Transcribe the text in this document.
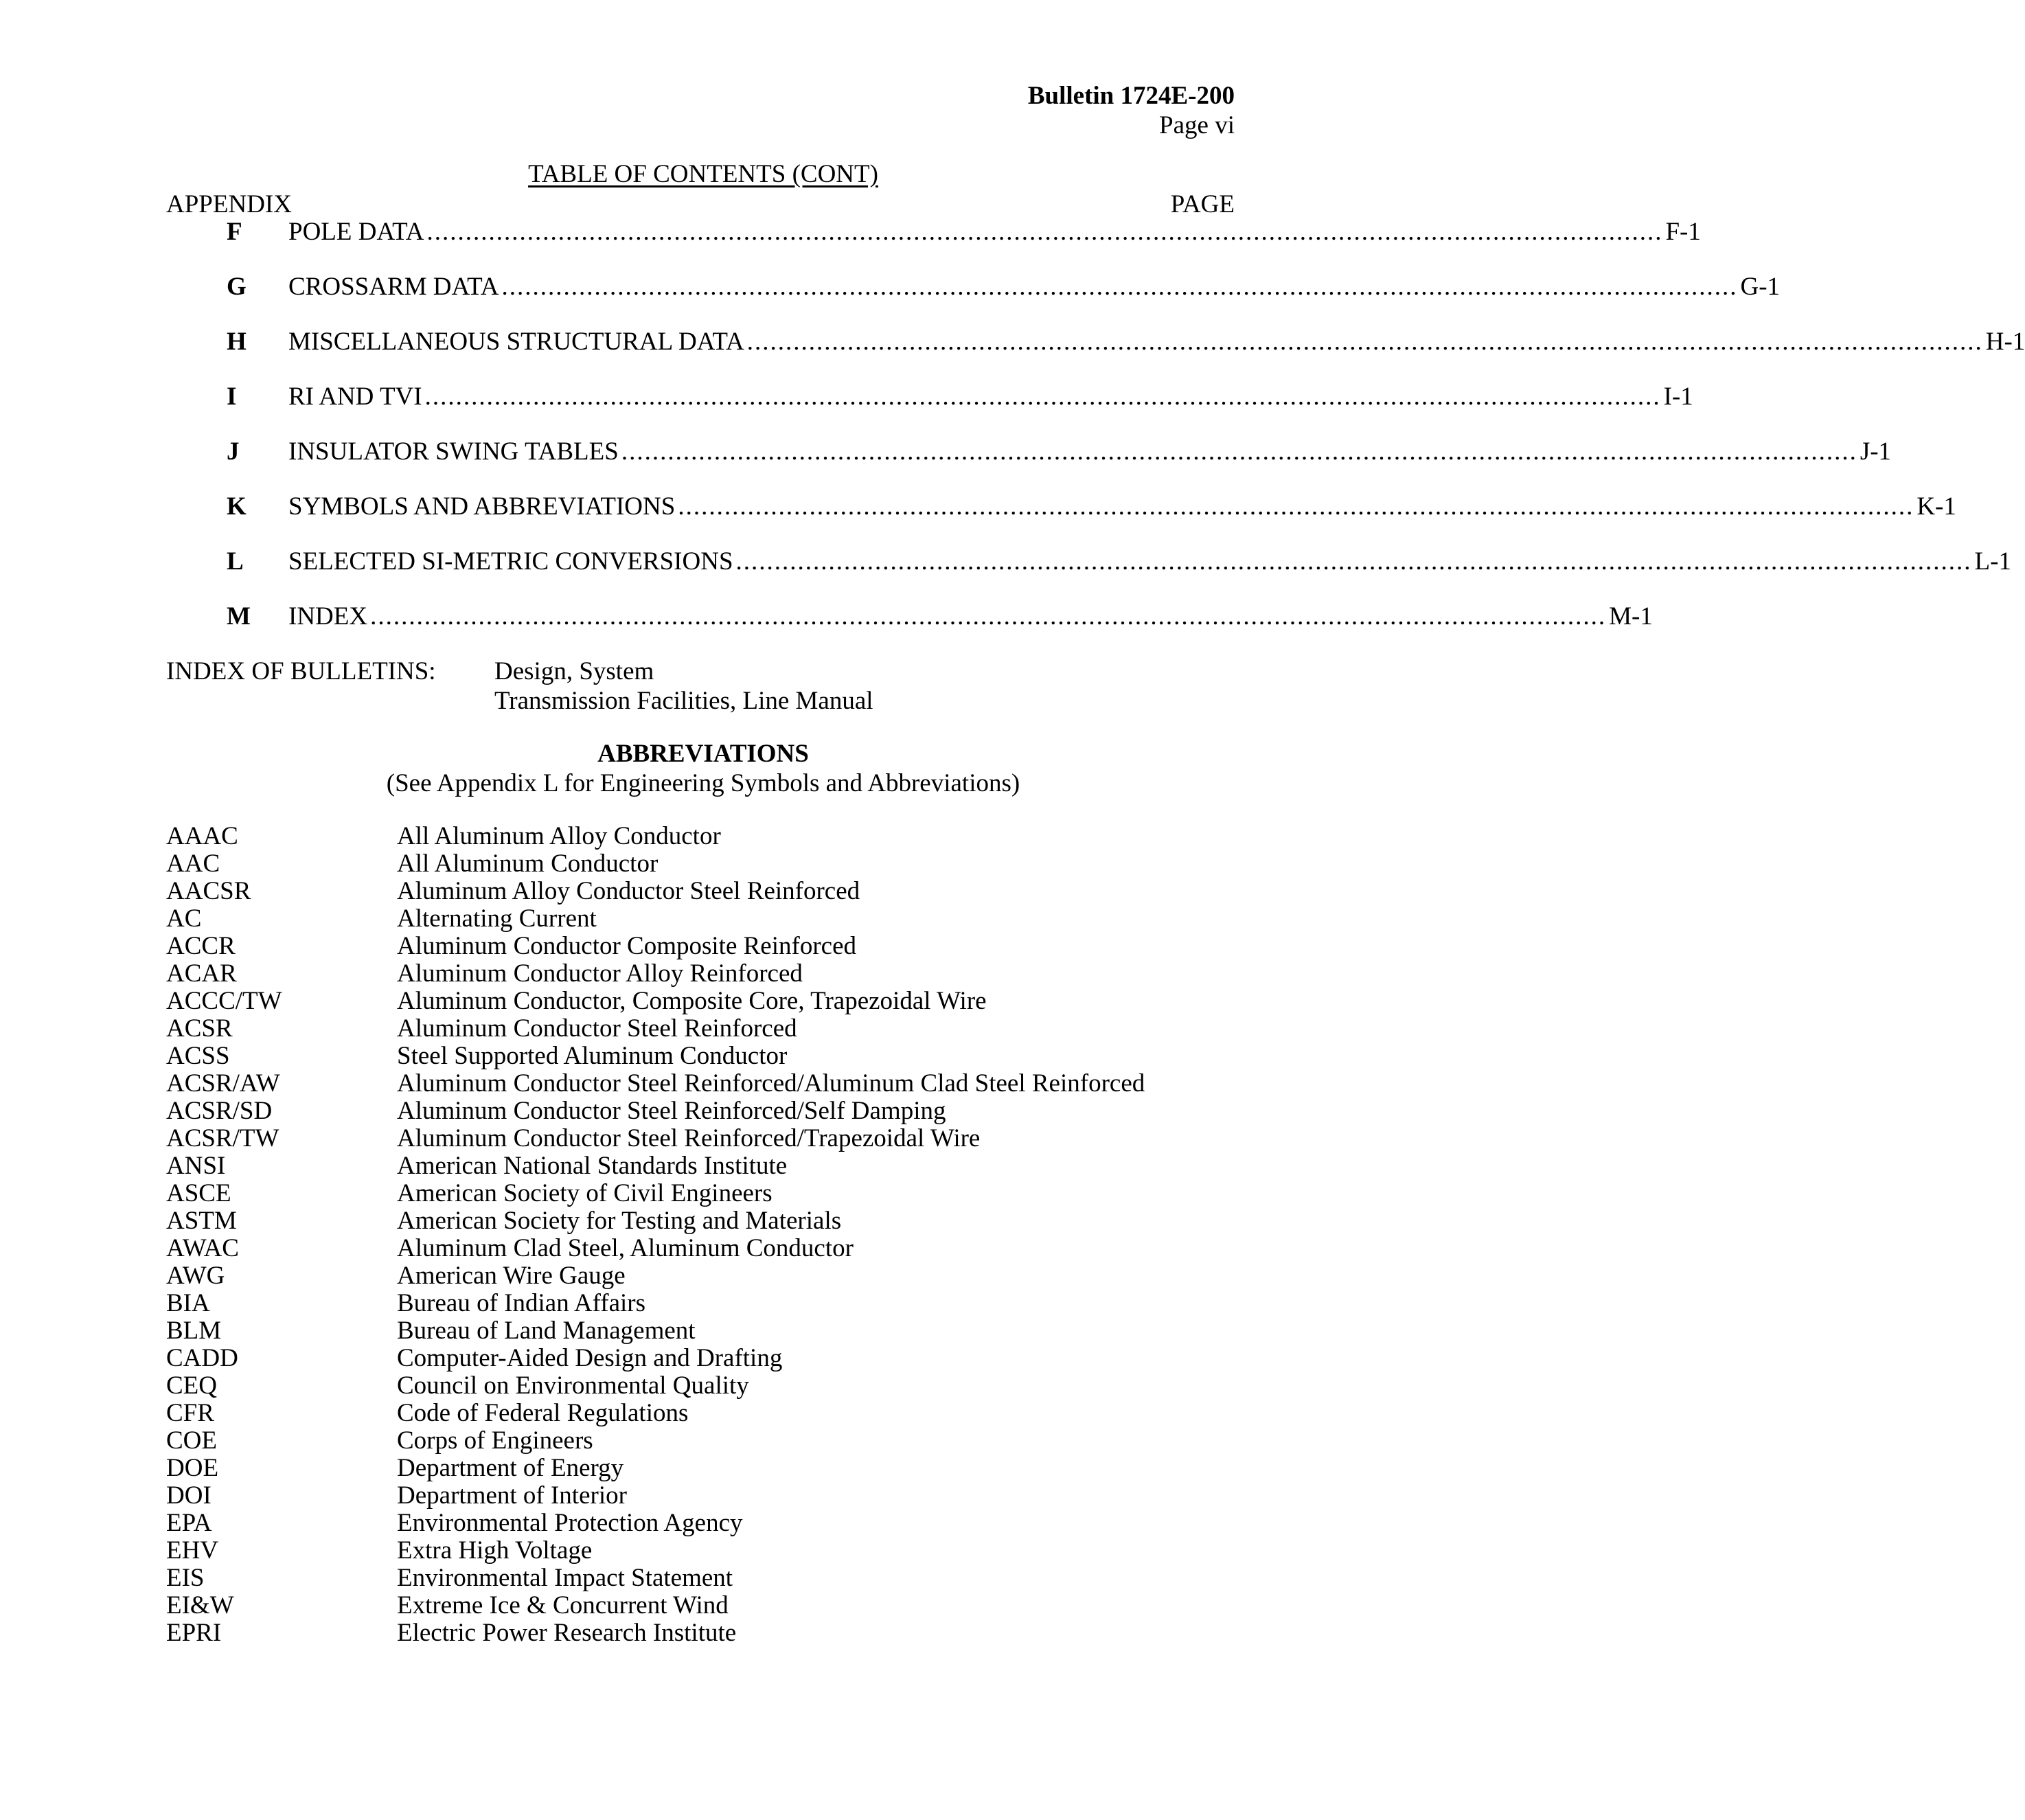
Bulletin 1724E-200
Page vi
TABLE OF CONTENTS (CONT)
APPENDIX	PAGE
F POLE DATA ................................................................................................................................................................ F-1
G CROSSARM DATA ................................................................................................................................................................ G-1
H MISCELLANEOUS STRUCTURAL DATA ................................................................................................................................................................ H-1
I RI AND TVI ................................................................................................................................................................ I-1
J INSULATOR SWING TABLES ................................................................................................................................................................ J-1
K SYMBOLS AND ABBREVIATIONS ................................................................................................................................................................ K-1
L SELECTED SI-METRIC CONVERSIONS ................................................................................................................................................................ L-1
M INDEX ................................................................................................................................................................ M-1
INDEX OF BULLETINS: Design, System
Transmission Facilities, Line Manual
ABBREVIATIONS
(See Appendix L for Engineering Symbols and Abbreviations)
AAAC	All Aluminum Alloy Conductor
AAC	All Aluminum Conductor
AACSR	Aluminum Alloy Conductor Steel Reinforced
AC	Alternating Current
ACCR	Aluminum Conductor Composite Reinforced
ACAR	Aluminum Conductor Alloy Reinforced
ACCC/TW	Aluminum Conductor, Composite Core, Trapezoidal Wire
ACSR	Aluminum Conductor Steel Reinforced
ACSS	Steel Supported Aluminum Conductor
ACSR/AW	Aluminum Conductor Steel Reinforced/Aluminum Clad Steel Reinforced
ACSR/SD	Aluminum Conductor Steel Reinforced/Self Damping
ACSR/TW	Aluminum Conductor Steel Reinforced/Trapezoidal Wire
ANSI	American National Standards Institute
ASCE	American Society of Civil Engineers
ASTM	American Society for Testing and Materials
AWAC	Aluminum Clad Steel, Aluminum Conductor
AWG	American Wire Gauge
BIA	Bureau of Indian Affairs
BLM	Bureau of Land Management
CADD	Computer-Aided Design and Drafting
CEQ	Council on Environmental Quality
CFR	Code of Federal Regulations
COE	Corps of Engineers
DOE	Department of Energy
DOI	Department of Interior
EPA	Environmental Protection Agency
EHV	Extra High Voltage
EIS	Environmental Impact Statement
EI&W	Extreme Ice & Concurrent Wind
EPRI	Electric Power Research Institute
